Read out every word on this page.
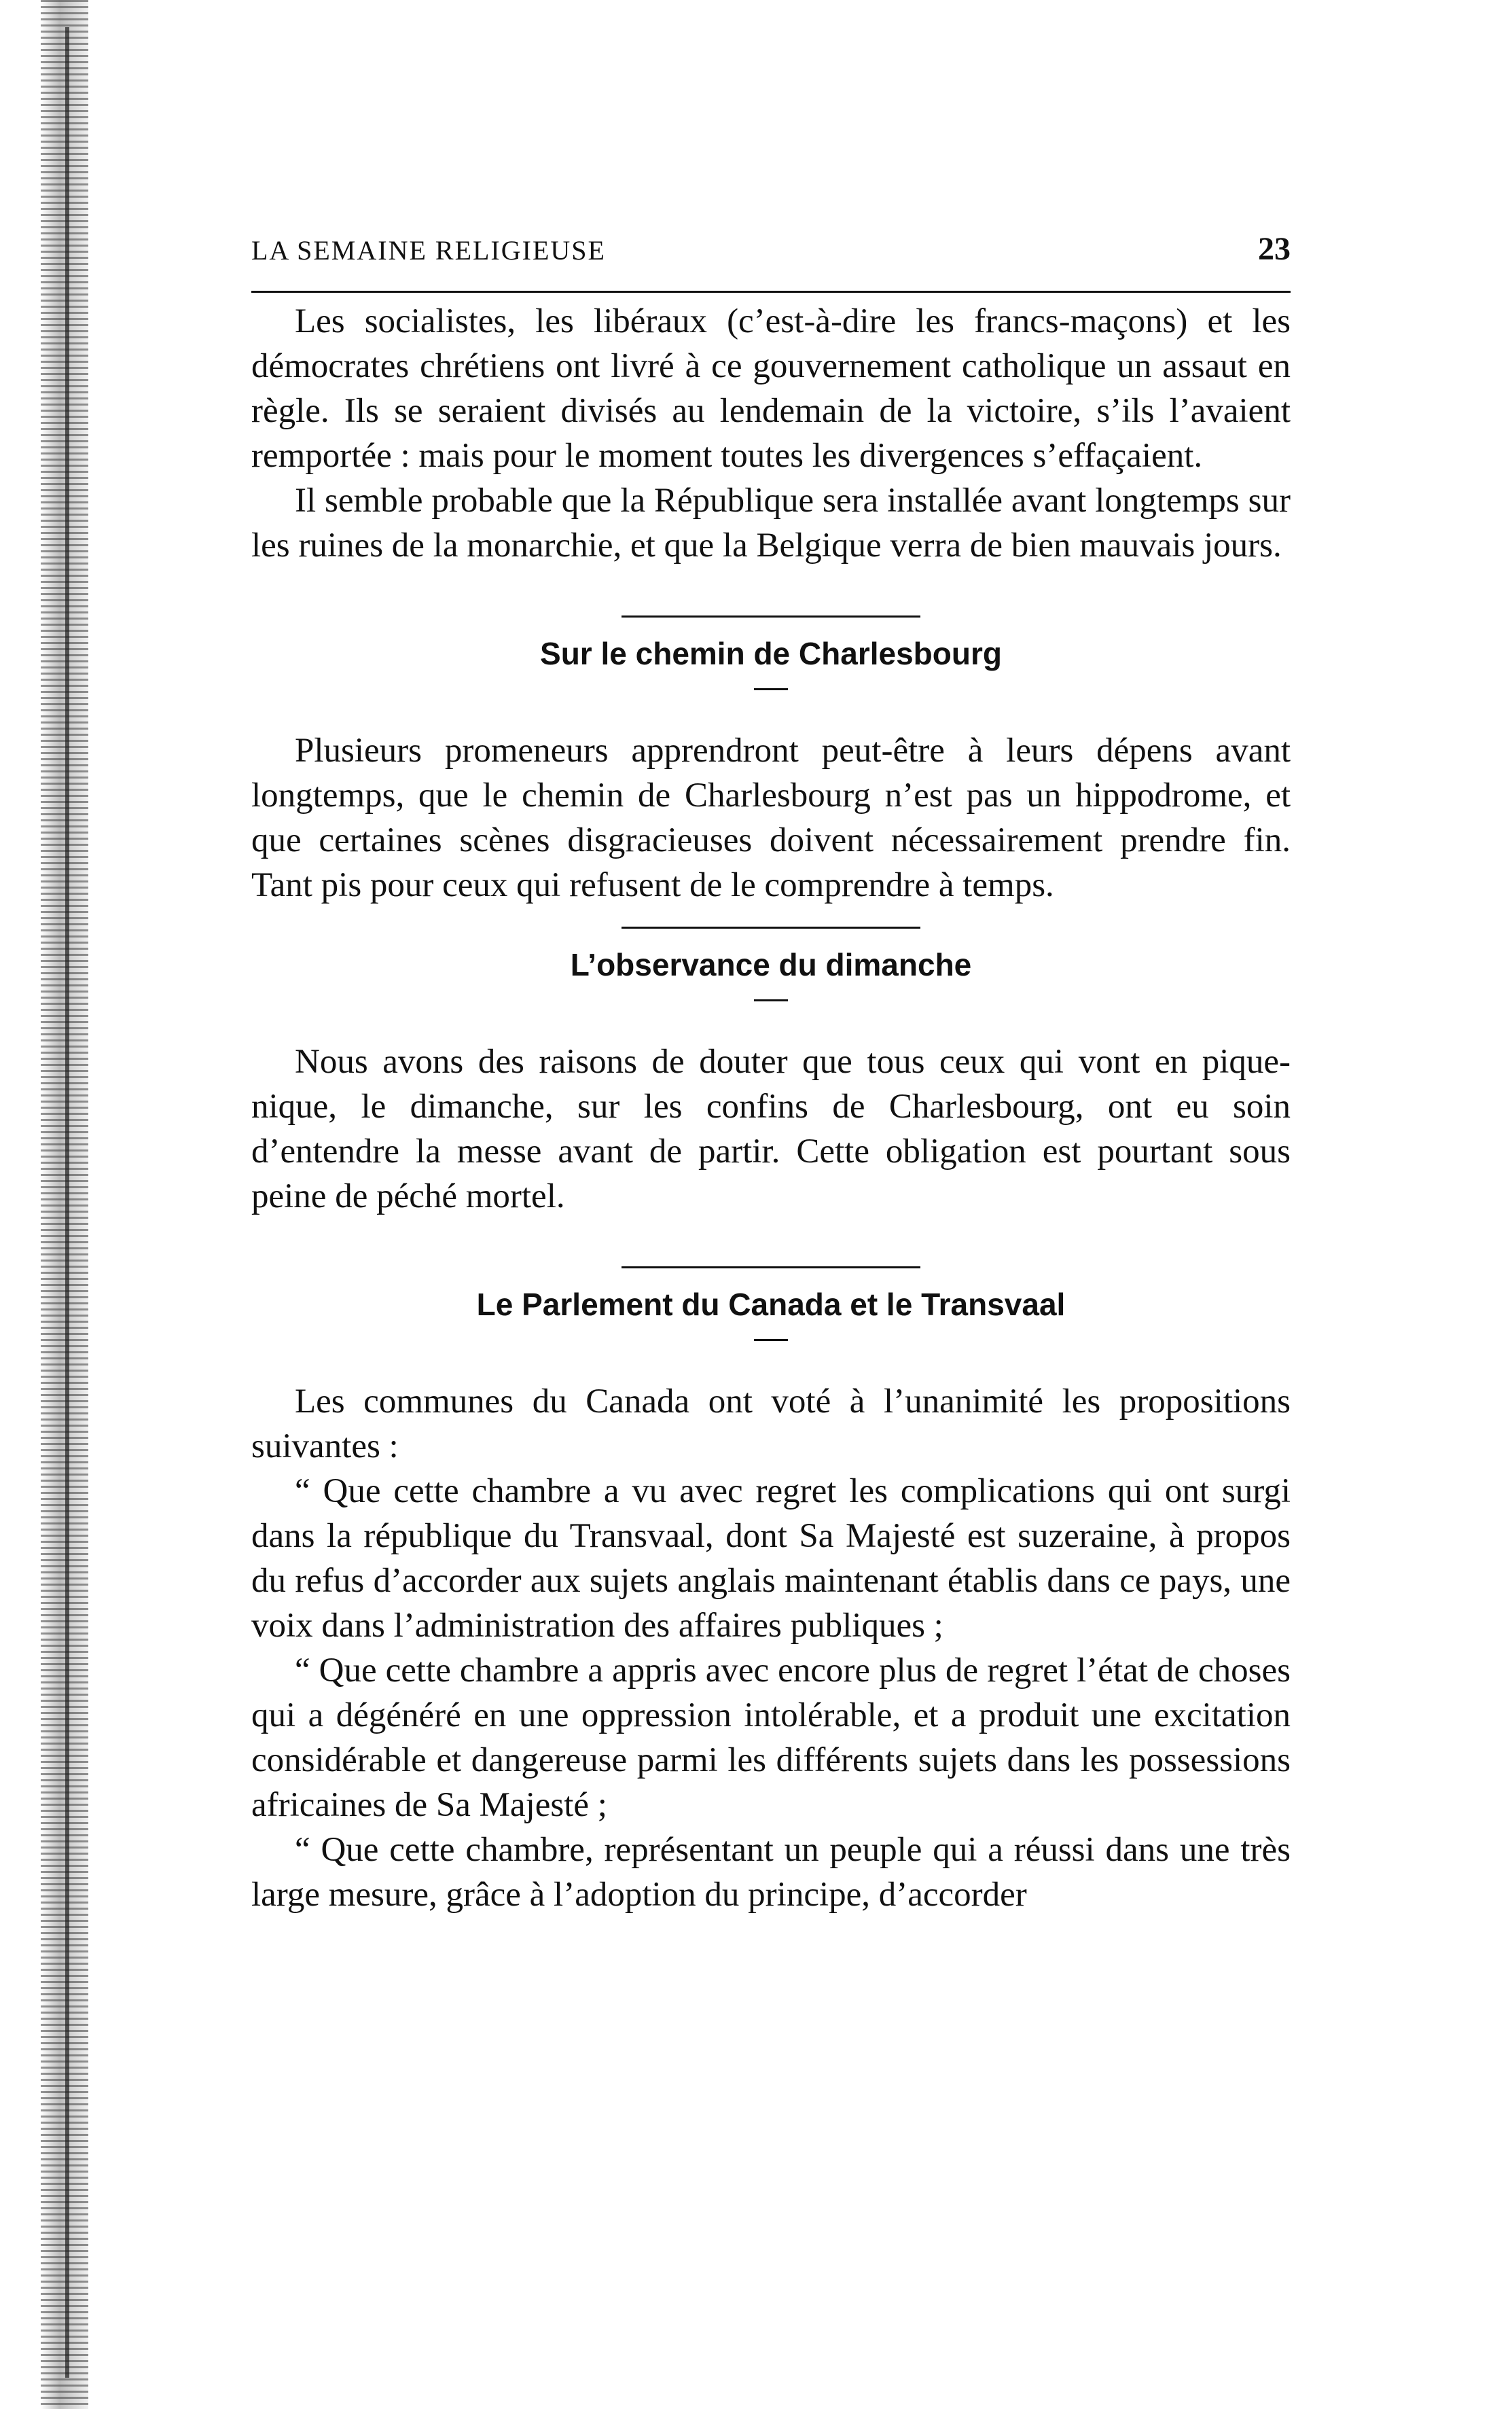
LA SEMAINE RELIGIEUSE	23

Les socialistes, les libéraux (c’est-à-dire les francs-maçons) et les démocrates chrétiens ont livré à ce gouvernement catholique un assaut en règle. Ils se seraient divisés au lendemain de la victoire, s’ils l’avaient remportée : mais pour le moment toutes les divergences s’effaçaient.

Il semble probable que la République sera installée avant longtemps sur les ruines de la monarchie, et que la Belgique verra de bien mauvais jours.

Sur le chemin de Charlesbourg

Plusieurs promeneurs apprendront peut-être à leurs dépens avant longtemps, que le chemin de Charlesbourg n’est pas un hippodrome, et que certaines scènes disgracieuses doivent nécessairement prendre fin. Tant pis pour ceux qui refusent de le comprendre à temps.

L’observance du dimanche

Nous avons des raisons de douter que tous ceux qui vont en pique-nique, le dimanche, sur les confins de Charlesbourg, ont eu soin d’entendre la messe avant de partir. Cette obligation est pourtant sous peine de péché mortel.

Le Parlement du Canada et le Transvaal

Les communes du Canada ont voté à l’unanimité les propositions suivantes :

“ Que cette chambre a vu avec regret les complications qui ont surgi dans la république du Transvaal, dont Sa Majesté est suzeraine, à propos du refus d’accorder aux sujets anglais maintenant établis dans ce pays, une voix dans l’administration des affaires publiques ;

“ Que cette chambre a appris avec encore plus de regret l’état de choses qui a dégénéré en une oppression intolérable, et a produit une excitation considérable et dangereuse parmi les différents sujets dans les possessions africaines de Sa Majesté ;

“ Que cette chambre, représentant un peuple qui a réussi dans une très large mesure, grâce à l’adoption du principe, d’accorder
